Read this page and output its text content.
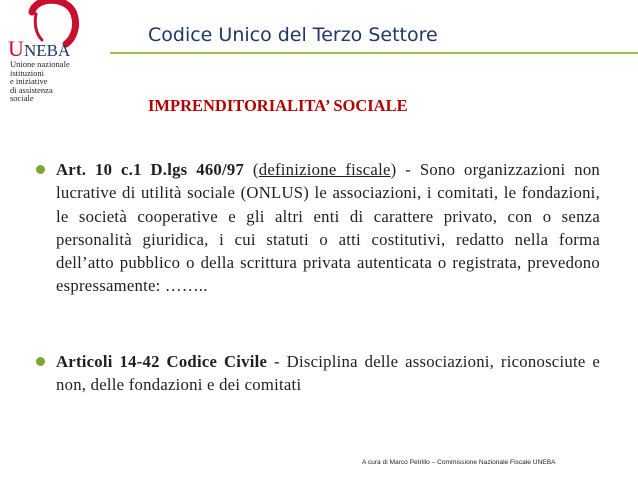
U NEBA
Unione nazionale
istituzioni
e iniziative
di assistenza
sociale
Codice Unico del Terzo Settore
IMPRENDITORIALITA’ SOCIALE
Art. 10 c.1 D.lgs 460/97 (definizione fiscale) - Sono organizzazioni non lucrative di utilità sociale (ONLUS) le associazioni, i comitati, le fondazioni, le società cooperative e gli altri enti di carattere privato, con o senza personalità giuridica, i cui statuti o atti costitutivi, redatto nella forma dell’atto pubblico o della scrittura privata autenticata o registrata, prevedono espressamente: ……..
Articoli 14-42 Codice Civile - Disciplina delle associazioni, riconosciute e non, delle fondazioni e dei comitati
A cura di Marco Petrillo – Commissione Nazionale Fiscale UNEBA
